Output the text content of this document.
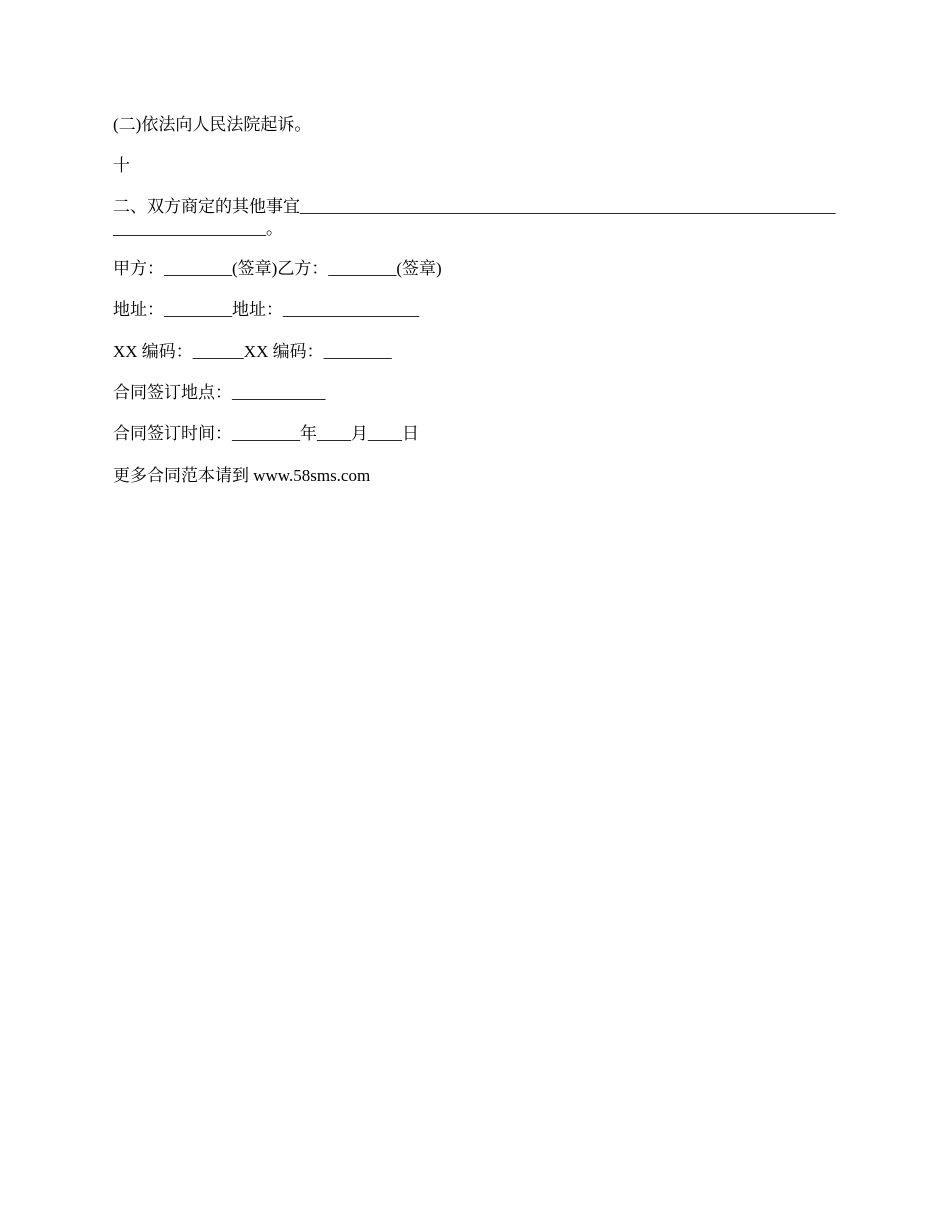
(二)依法向人民法院起诉。
十
二、双方商定的其他事宜_________________________________________________________________________________。
甲方：________(签章)乙方：________(签章)
地址：________地址：________________
XX 编码：______XX 编码：________
合同签订地点：___________
合同签订时间：________年____月____日
更多合同范本请到 www.58sms.com
